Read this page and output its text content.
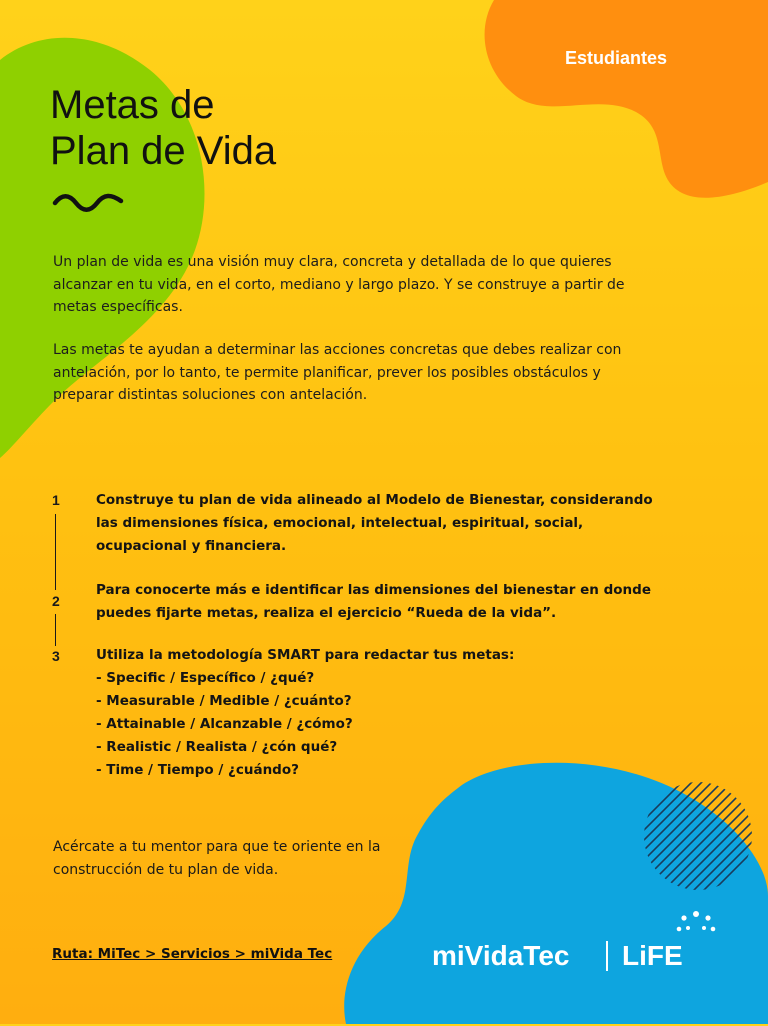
Estudiantes
Metas de
Plan de Vida

Un plan de vida es una visión muy clara, concreta y detallada de lo que quieres alcanzar en tu vida, en el corto, mediano y largo plazo. Y se construye a partir de metas específicas.

Las metas te ayudan a determinar las acciones concretas que debes realizar con antelación, por lo tanto, te permite planificar, prever los posibles obstáculos y preparar distintas soluciones con antelación.

1
2
3

Construye tu plan de vida alineado al Modelo de Bienestar, considerando las dimensiones física, emocional, intelectual, espiritual, social, ocupacional y financiera.

Para conocerte más e identificar las dimensiones del bienestar en donde puedes fijarte metas, realiza el ejercicio “Rueda de la vida”.

Utiliza la metodología SMART para redactar tus metas:
- Specific / Específico / ¿qué?
- Measurable / Medible / ¿cuánto?
- Attainable / Alcanzable / ¿cómo?
- Realistic / Realista / ¿cón qué?
- Time / Tiempo / ¿cuándo?

Acércate a tu mentor para que te oriente en la construcción de tu plan de vida.

Ruta: MiTec > Servicios > miVida Tec	miVidaTec LiFE
